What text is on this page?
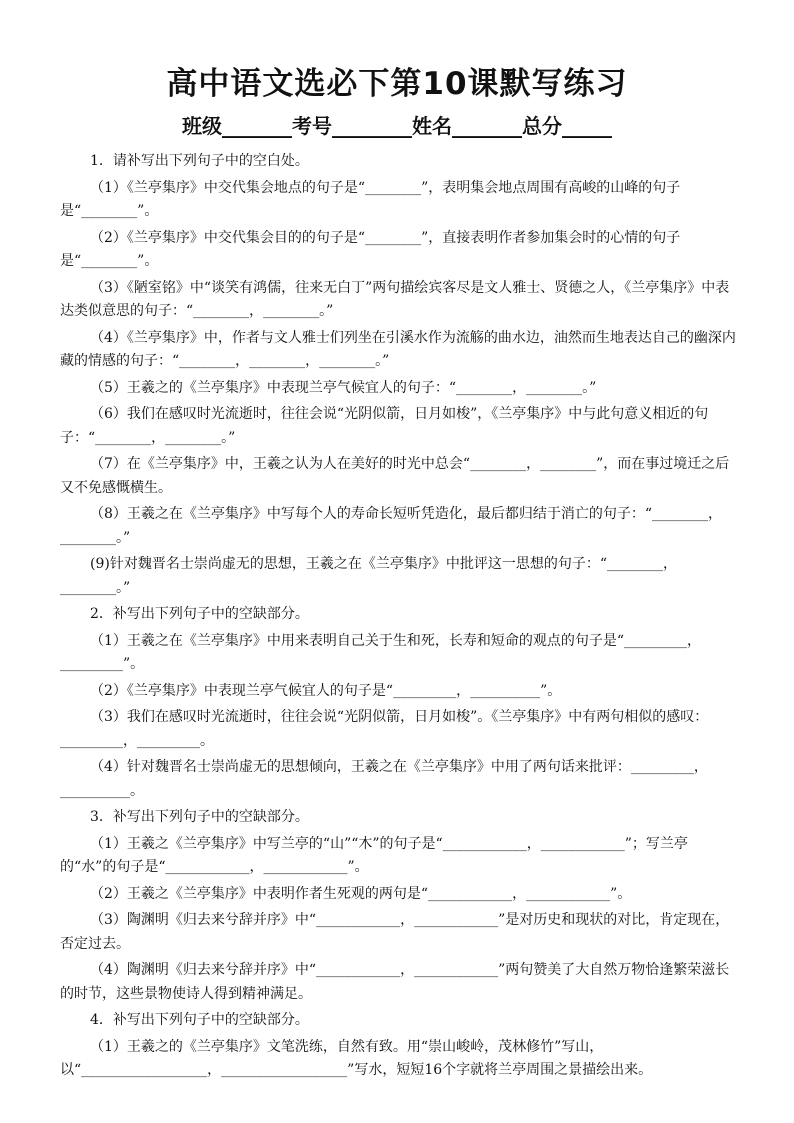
高中语文选必下第10课默写练习
班级_______考号________姓名_______总分_____
1．请补写出下列句子中的空白处。
（1）《兰亭集序》中交代集会地点的句子是“________”，表明集会地点周围有高峻的山峰的句子是“________”。
（2）《兰亭集序》中交代集会目的的句子是“________”，直接表明作者参加集会时的心情的句子是“________”。
（3）《陋室铭》中“谈笑有鸿儒，往来无白丁”两句描绘宾客尽是文人雅士、贤德之人，《兰亭集序》中表达类似意思的句子：“________，________。”
（4）《兰亭集序》中，作者与文人雅士们列坐在引溪水作为流觞的曲水边，油然而生地表达自己的幽深内藏的情感的句子：“________，________，________。”
（5）王羲之的《兰亭集序》中表现兰亭气候宜人的句子：“________，________。”
（6）我们在感叹时光流逝时，往往会说“光阴似箭，日月如梭”，《兰亭集序》中与此句意义相近的句子：“________，________。”
（7）在《兰亭集序》中，王羲之认为人在美好的时光中总会“________，________”，而在事过境迁之后又不免感慨横生。
（8）王羲之在《兰亭集序》中写每个人的寿命长短听凭造化，最后都归结于消亡的句子：“________，________。”
(9)针对魏晋名士崇尚虚无的思想，王羲之在《兰亭集序》中批评这一思想的句子：“________，________。”
2．补写出下列句子中的空缺部分。
（1）王羲之在《兰亭集序》中用来表明自己关于生和死，长寿和短命的观点的句子是“_________，_________”。
（2）《兰亭集序》中表现兰亭气候宜人的句子是“_________，__________”。
（3）我们在感叹时光流逝时，往往会说“光阴似箭，日月如梭”。《兰亭集序》中有两句相似的感叹：_________，_________。
（4）针对魏晋名士崇尚虚无的思想倾向，王羲之在《兰亭集序》中用了两句话来批评：_________，__________。
3．补写出下列句子中的空缺部分。
（1）王羲之《兰亭集序》中写兰亭的“山”“木”的句子是“____________，____________”；写兰亭的“水”的句子是“____________，____________”。
（2）王羲之《兰亭集序》中表明作者生死观的两句是“____________，____________”。
（3）陶渊明《归去来兮辞并序》中“____________，____________”是对历史和现状的对比，肯定现在，否定过去。
（4）陶渊明《归去来兮辞并序》中“____________，____________”两句赞美了大自然万物恰逢繁荣滋长的时节，这些景物使诗人得到精神满足。
4．补写出下列句子中的空缺部分。
（1）王羲之的《兰亭集序》文笔洗练，自然有致。用“崇山峻岭，茂林修竹”写山，以“__________________，__________________”写水，短短16个字就将兰亭周围之景描绘出来。
